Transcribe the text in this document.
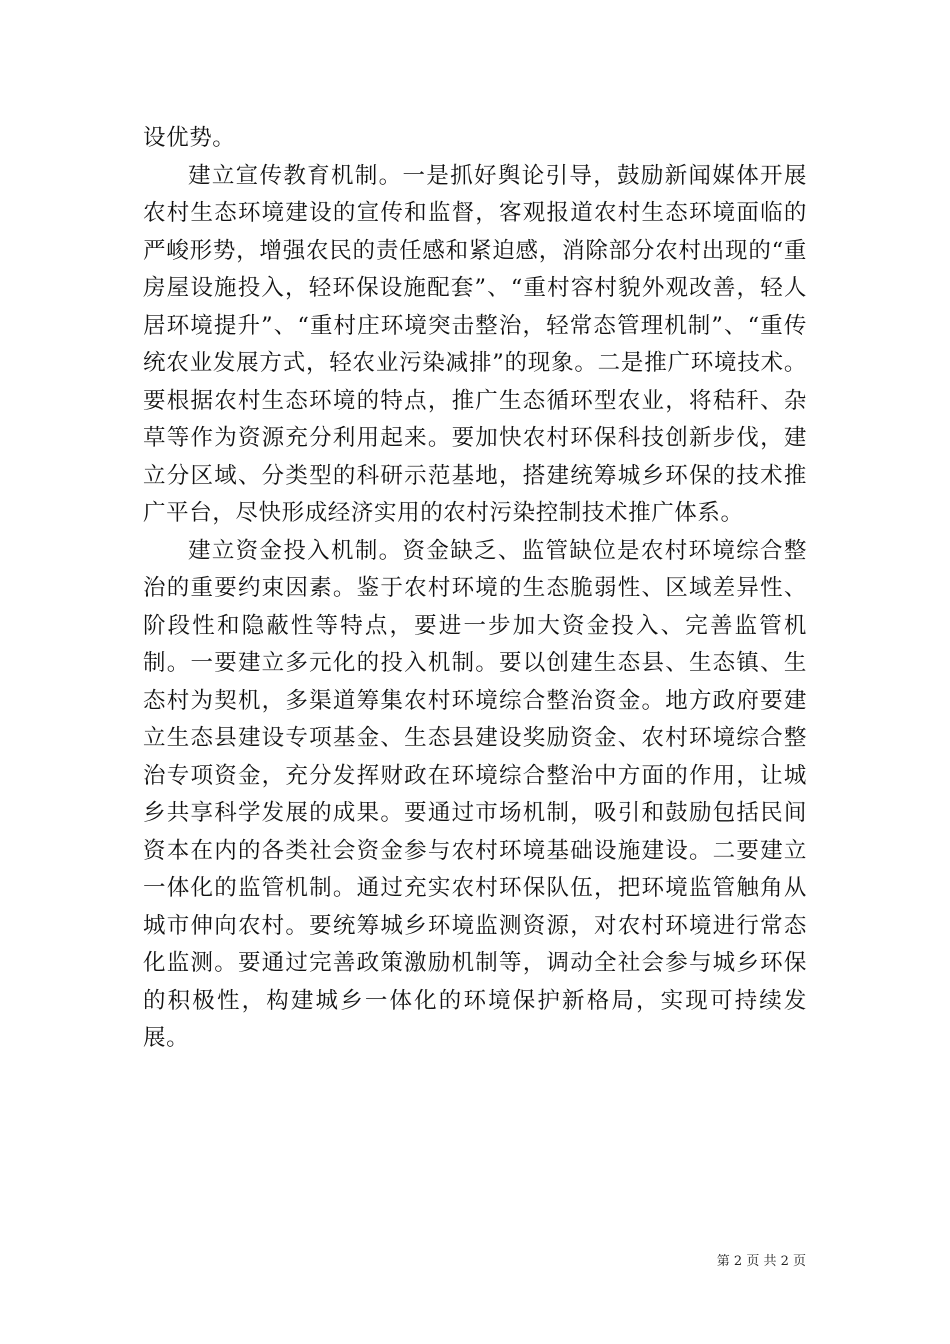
设优势。

建立宣传教育机制。一是抓好舆论引导，鼓励新闻媒体开展农村生态环境建设的宣传和监督，客观报道农村生态环境面临的严峻形势，增强农民的责任感和紧迫感，消除部分农村出现的“重房屋设施投入，轻环保设施配套”、“重村容村貌外观改善，轻人居环境提升”、“重村庄环境突击整治，轻常态管理机制”、“重传统农业发展方式，轻农业污染减排”的现象。二是推广环境技术。要根据农村生态环境的特点，推广生态循环型农业，将秸秆、杂草等作为资源充分利用起来。要加快农村环保科技创新步伐，建立分区域、分类型的科研示范基地，搭建统筹城乡环保的技术推广平台，尽快形成经济实用的农村污染控制技术推广体系。

建立资金投入机制。资金缺乏、监管缺位是农村环境综合整治的重要约束因素。鉴于农村环境的生态脆弱性、区域差异性、阶段性和隐蔽性等特点，要进一步加大资金投入、完善监管机制。一要建立多元化的投入机制。要以创建生态县、生态镇、生态村为契机，多渠道筹集农村环境综合整治资金。地方政府要建立生态县建设专项基金、生态县建设奖励资金、农村环境综合整治专项资金，充分发挥财政在环境综合整治中方面的作用，让城乡共享科学发展的成果。要通过市场机制，吸引和鼓励包括民间资本在内的各类社会资金参与农村环境基础设施建设。二要建立一体化的监管机制。通过充实农村环保队伍，把环境监管触角从城市伸向农村。要统筹城乡环境监测资源，对农村环境进行常态化监测。要通过完善政策激励机制等，调动全社会参与城乡环保的积极性，构建城乡一体化的环境保护新格局，实现可持续发展。

第 2 页 共 2 页
